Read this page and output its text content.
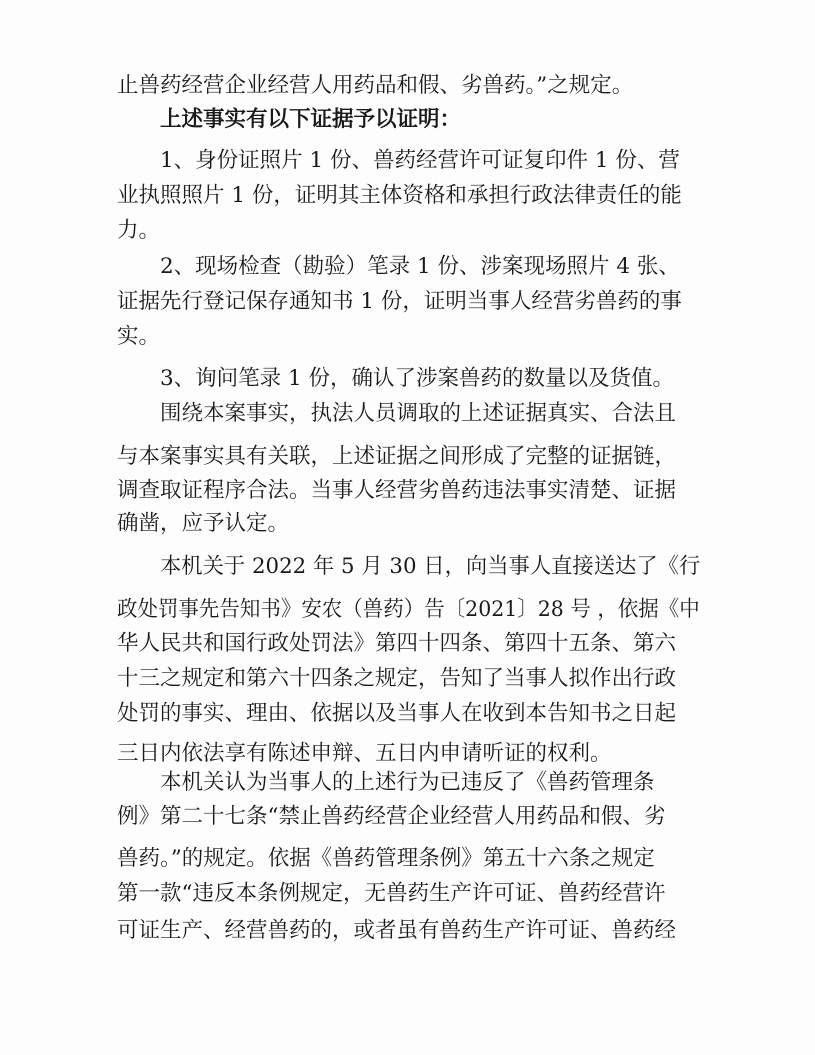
止兽药经营企业经营人用药品和假、劣兽药。”之规定。
上述事实有以下证据予以证明：
1、身份证照片 1 份、兽药经营许可证复印件 1 份、营
业执照照片 1 份，证明其主体资格和承担行政法律责任的能
力。
2、现场检查（勘验）笔录 1 份、涉案现场照片 4 张、
证据先行登记保存通知书 1 份，证明当事人经营劣兽药的事
实。
3、询问笔录 1 份，确认了涉案兽药的数量以及货值。
围绕本案事实，执法人员调取的上述证据真实、合法且
与本案事实具有关联，上述证据之间形成了完整的证据链，
调查取证程序合法。当事人经营劣兽药违法事实清楚、证据
确凿，应予认定。
本机关于 2022 年 5 月 30 日，向当事人直接送达了《行
政处罚事先告知书》安农（兽药）告〔2021〕28 号 ，依据《中
华人民共和国行政处罚法》第四十四条、第四十五条、第六
十三之规定和第六十四条之规定，告知了当事人拟作出行政
处罚的事实、理由、依据以及当事人在收到本告知书之日起
三日内依法享有陈述申辩、五日内申请听证的权利。
本机关认为当事人的上述行为已违反了《兽药管理条
例》第二十七条“禁止兽药经营企业经营人用药品和假、劣
兽药。”的规定。依据《兽药管理条例》第五十六条之规定
第一款“违反本条例规定，无兽药生产许可证、兽药经营许
可证生产、经营兽药的，或者虽有兽药生产许可证、兽药经
